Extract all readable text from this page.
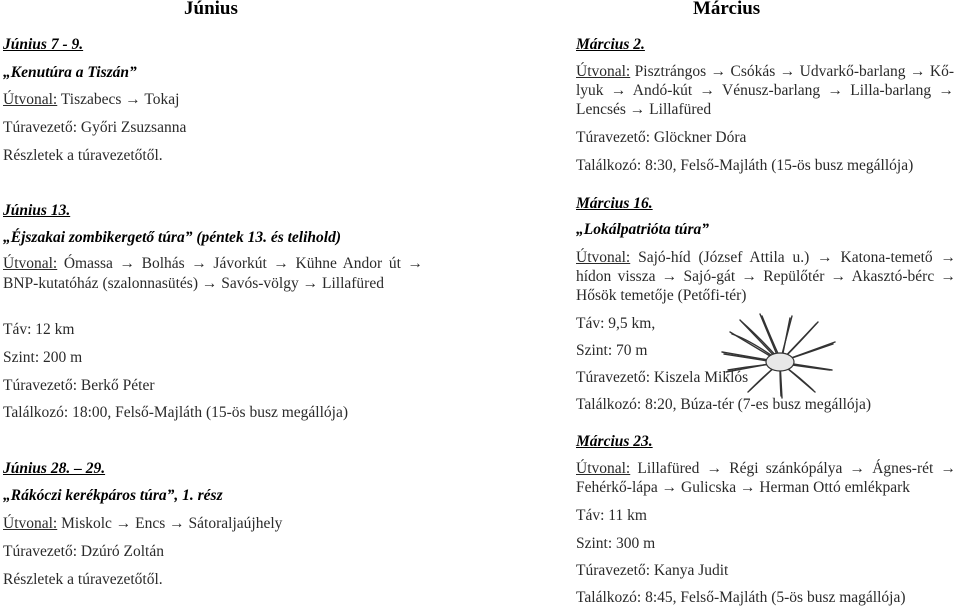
Június

Június 7 - 9.

„Kenutúra a Tiszán”

Útvonal: Tiszabecs → Tokaj

Túravezető: Győri Zsuzsanna

Részletek a túravezetőtől.

Június 13.

„Éjszakai zombikergető túra” (péntek 13. és telihold)

Útvonal: Ómassa → Bolhás → Jávorkút → Kühne Andor út → BNP-kutatóház (szalonnasütés) → Savós-völgy → Lillafüred

Táv: 12 km

Szint: 200 m

Túravezető: Berkő Péter

Találkozó: 18:00, Felső-Majláth (15-ös busz megállója)

Június 28. – 29.

„Rákóczi kerékpáros túra”, 1. rész

Útvonal: Miskolc → Encs → Sátoraljaújhely

Túravezető: Dzúró Zoltán

Részletek a túravezetőtől.

Március

Március 2.

Útvonal: Pisztrángos → Csókás → Udvarkő-barlang → Kő-lyuk → Andó-kút → Vénusz-barlang → Lilla-barlang → Lencsés → Lillafüred

Túravezető: Glöckner Dóra

Találkozó: 8:30, Felső-Majláth (15-ös busz megállója)

Március 16.

„Lokálpatrióta túra”

Útvonal: Sajó-híd (József Attila u.) → Katona-temető → hídon vissza → Sajó-gát → Repülőtér → Akasztó-bérc → Hősök temetője (Petőfi-tér)

Táv: 9,5 km,

Szint: 70 m

Túravezető: Kiszela Miklós

Találkozó: 8:20, Búza-tér (7-es busz megállója)

Március 23.

Útvonal: Lillafüred → Régi szánkópálya → Ágnes-rét → Fehérkő-lápa → Gulicska → Herman Ottó emlékpark

Táv: 11 km

Szint: 300 m

Túravezető: Kanya Judit

Találkozó: 8:45, Felső-Majláth (5-ös busz magállója)
